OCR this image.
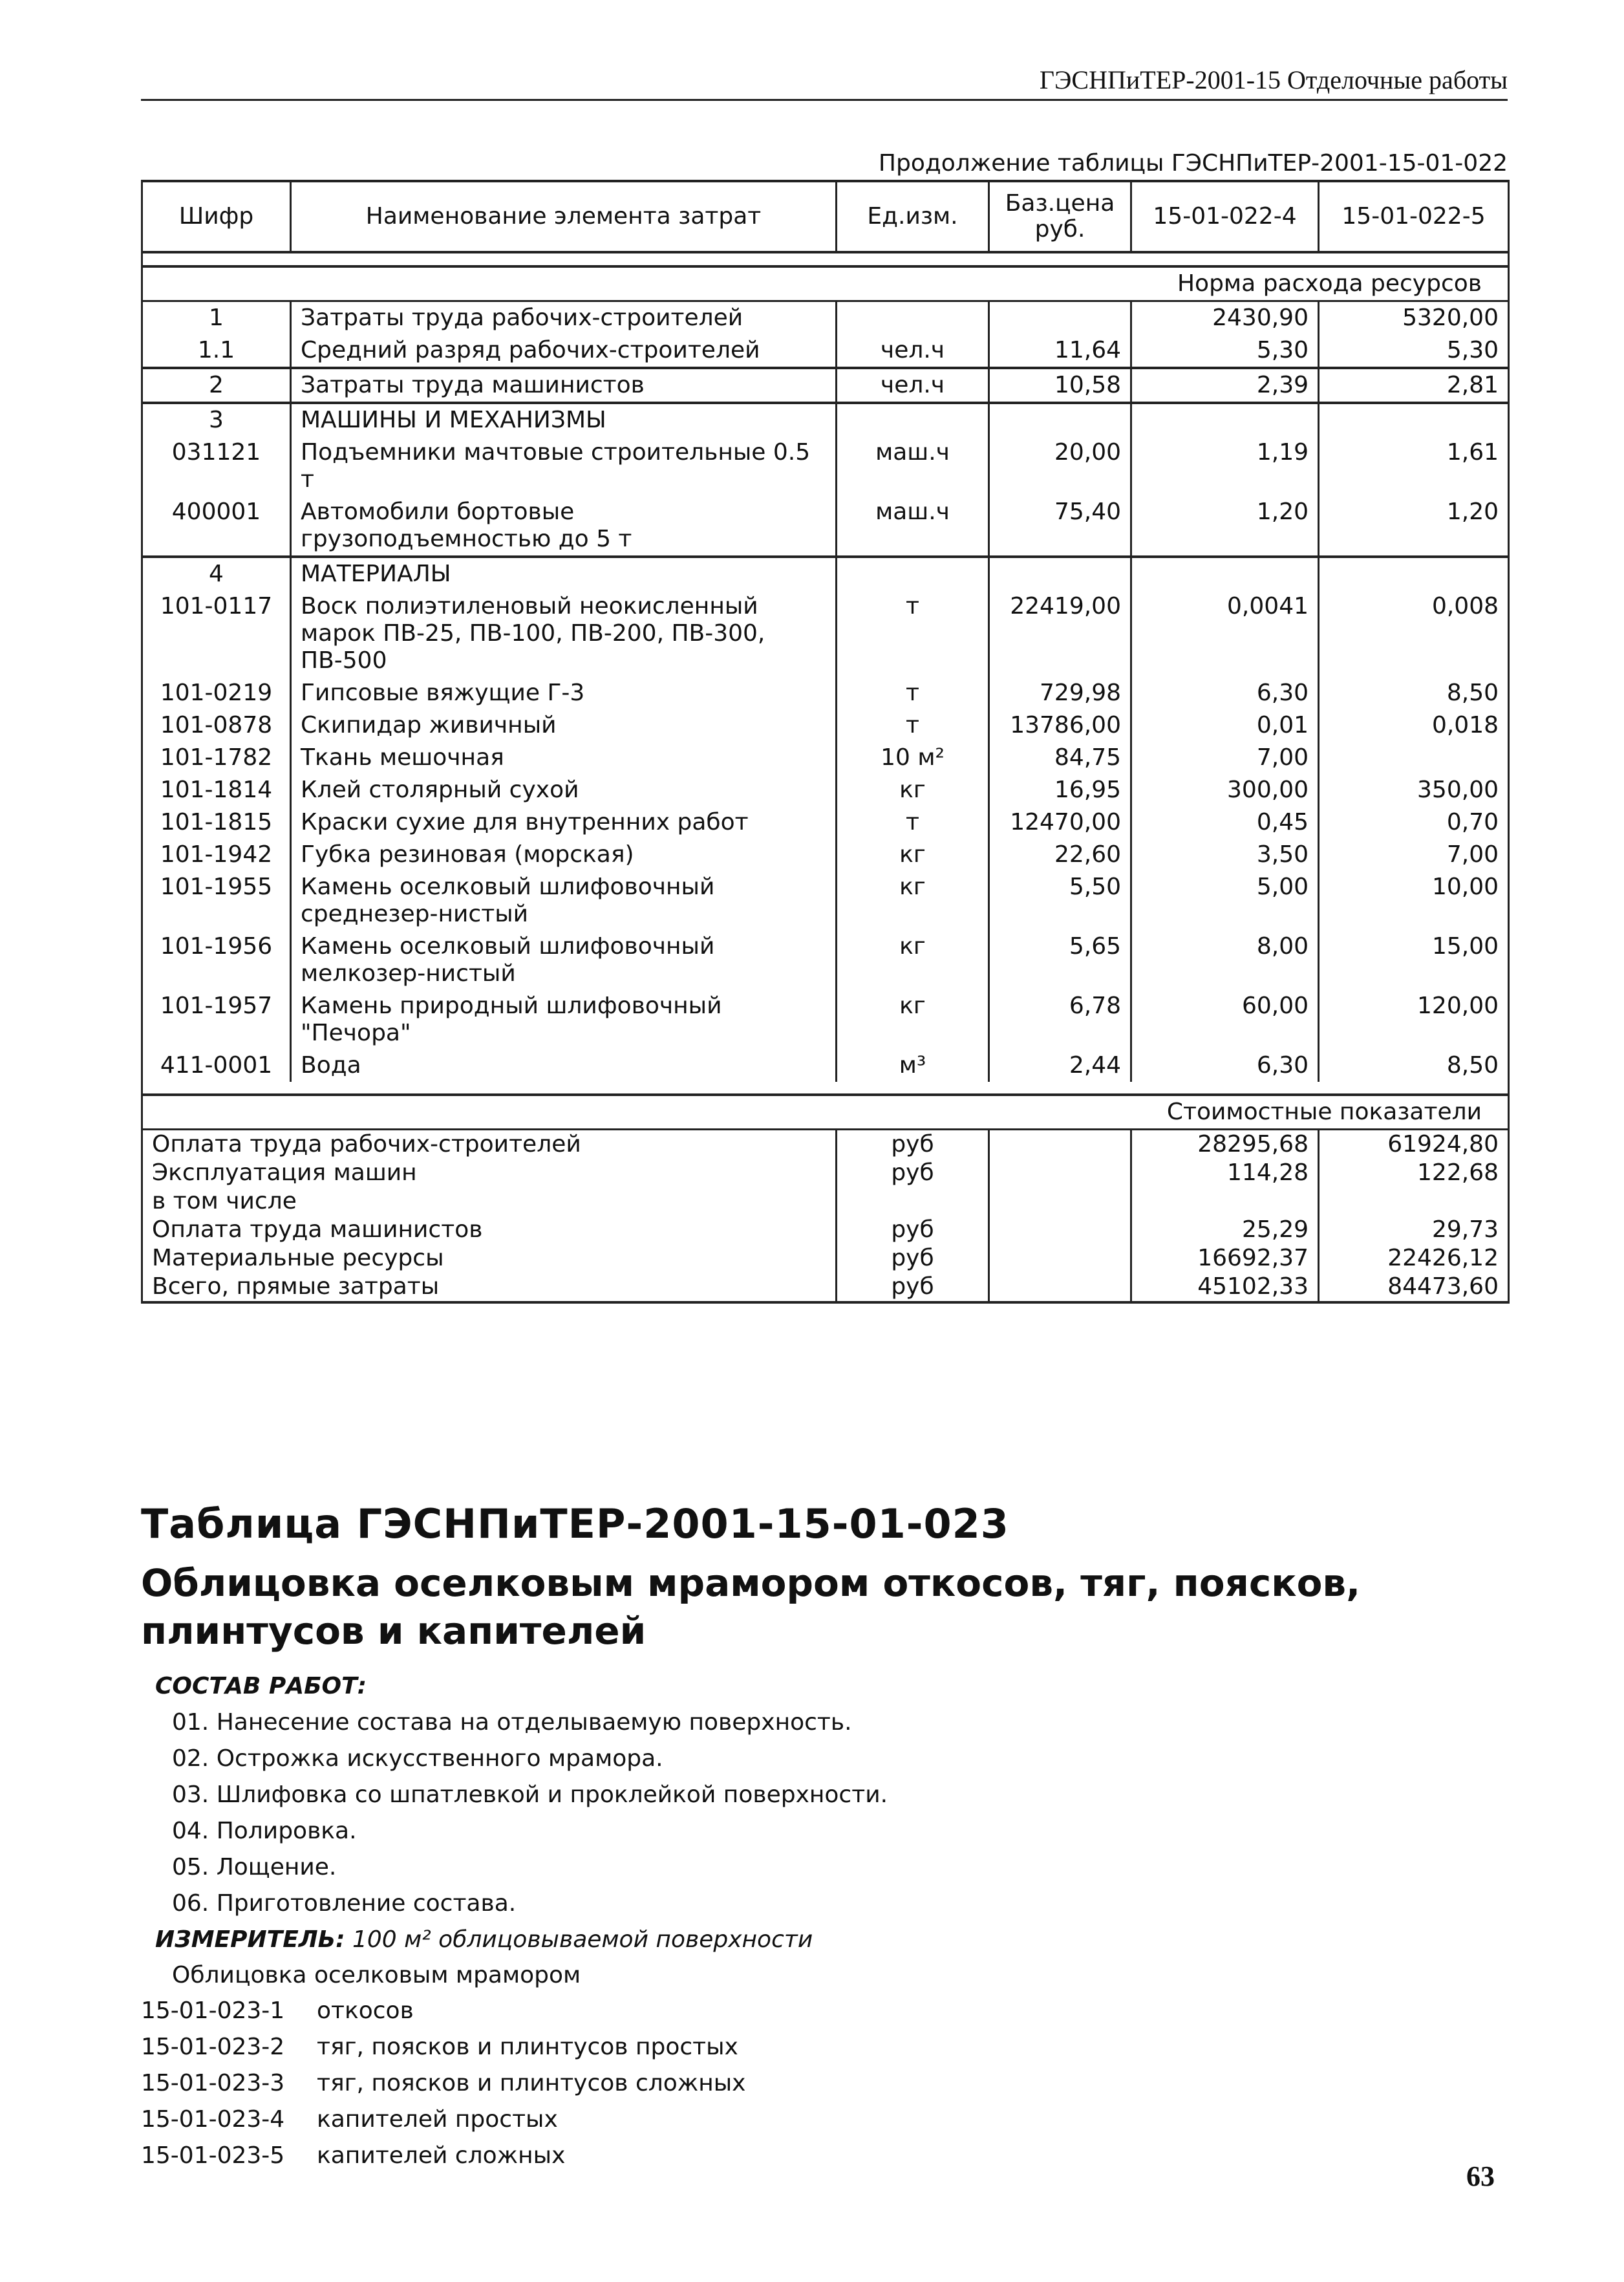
ГЭСНПиТЕР-2001-15 Отделочные работы
Продолжение таблицы ГЭСНПиТЕР-2001-15-01-022
Шифр	Наименование элемента затрат	Ед.изм.	Баз.цена руб.	15-01-022-4	15-01-022-5

Норма расхода ресурсов					
1	Затраты труда рабочих-строителей			2430,90	5320,00
1.1	Средний разряд рабочих-строителей	чел.ч	11,64	5,30	5,30
2	Затраты труда машинистов	чел.ч	10,58	2,39	2,81
3	МАШИНЫ И МЕХАНИЗМЫ				
031121	Подъемники мачтовые строительные 0.5 т	маш.ч	20,00	1,19	1,61
400001	Автомобили бортовые грузоподъемностью до 5 т	маш.ч	75,40	1,20	1,20
4	МАТЕРИАЛЫ				
101-0117	Воск полиэтиленовый неокисленный марок ПВ-25, ПВ-100, ПВ-200, ПВ-300, ПВ-500	т	22419,00	0,0041	0,008
101-0219	Гипсовые вяжущие Г-3	т	729,98	6,30	8,50
101-0878	Скипидар живичный	т	13786,00	0,01	0,018
101-1782	Ткань мешочная	10 м²	84,75	7,00	
101-1814	Клей столярный сухой	кг	16,95	300,00	350,00
101-1815	Краски сухие для внутренних работ	т	12470,00	0,45	0,70
101-1942	Губка резиновая (морская)	кг	22,60	3,50	7,00
101-1955	Камень оселковый шлифовочный среднезер-нистый	кг	5,50	5,00	10,00
101-1956	Камень оселковый шлифовочный мелкозер-нистый	кг	5,65	8,00	15,00
101-1957	Камень природный шлифовочный "Печора"	кг	6,78	60,00	120,00
411-0001	Вода	м³	2,44	6,30	8,50

Стоимостные показатели					
Оплата труда рабочих-строителей		руб		28295,68	61924,80
Эксплуатация машин		руб		114,28	122,68
в том числе					
Оплата труда машинистов		руб		25,29	29,73
Материальные ресурсы		руб		16692,37	22426,12
Всего, прямые затраты		руб		45102,33	84473,60
Таблица ГЭСНПиТЕР-2001-15-01-023
Облицовка оселковым мрамором откосов, тяг, поясков, плинтусов и капителей
СОСТАВ РАБОТ:
01. Нанесение состава на отделываемую поверхность.
02. Острожка искусственного мрамора.
03. Шлифовка со шпатлевкой и проклейкой поверхности.
04. Полировка.
05. Лощение.
06. Приготовление состава.
ИЗМЕРИТЕЛЬ: 100 м² облицовываемой поверхности
Облицовка оселковым мрамором
15-01-023-1	откосов
15-01-023-2	тяг, поясков и плинтусов простых
15-01-023-3	тяг, поясков и плинтусов сложных
15-01-023-4	капителей простых
15-01-023-5	капителей сложных
63
